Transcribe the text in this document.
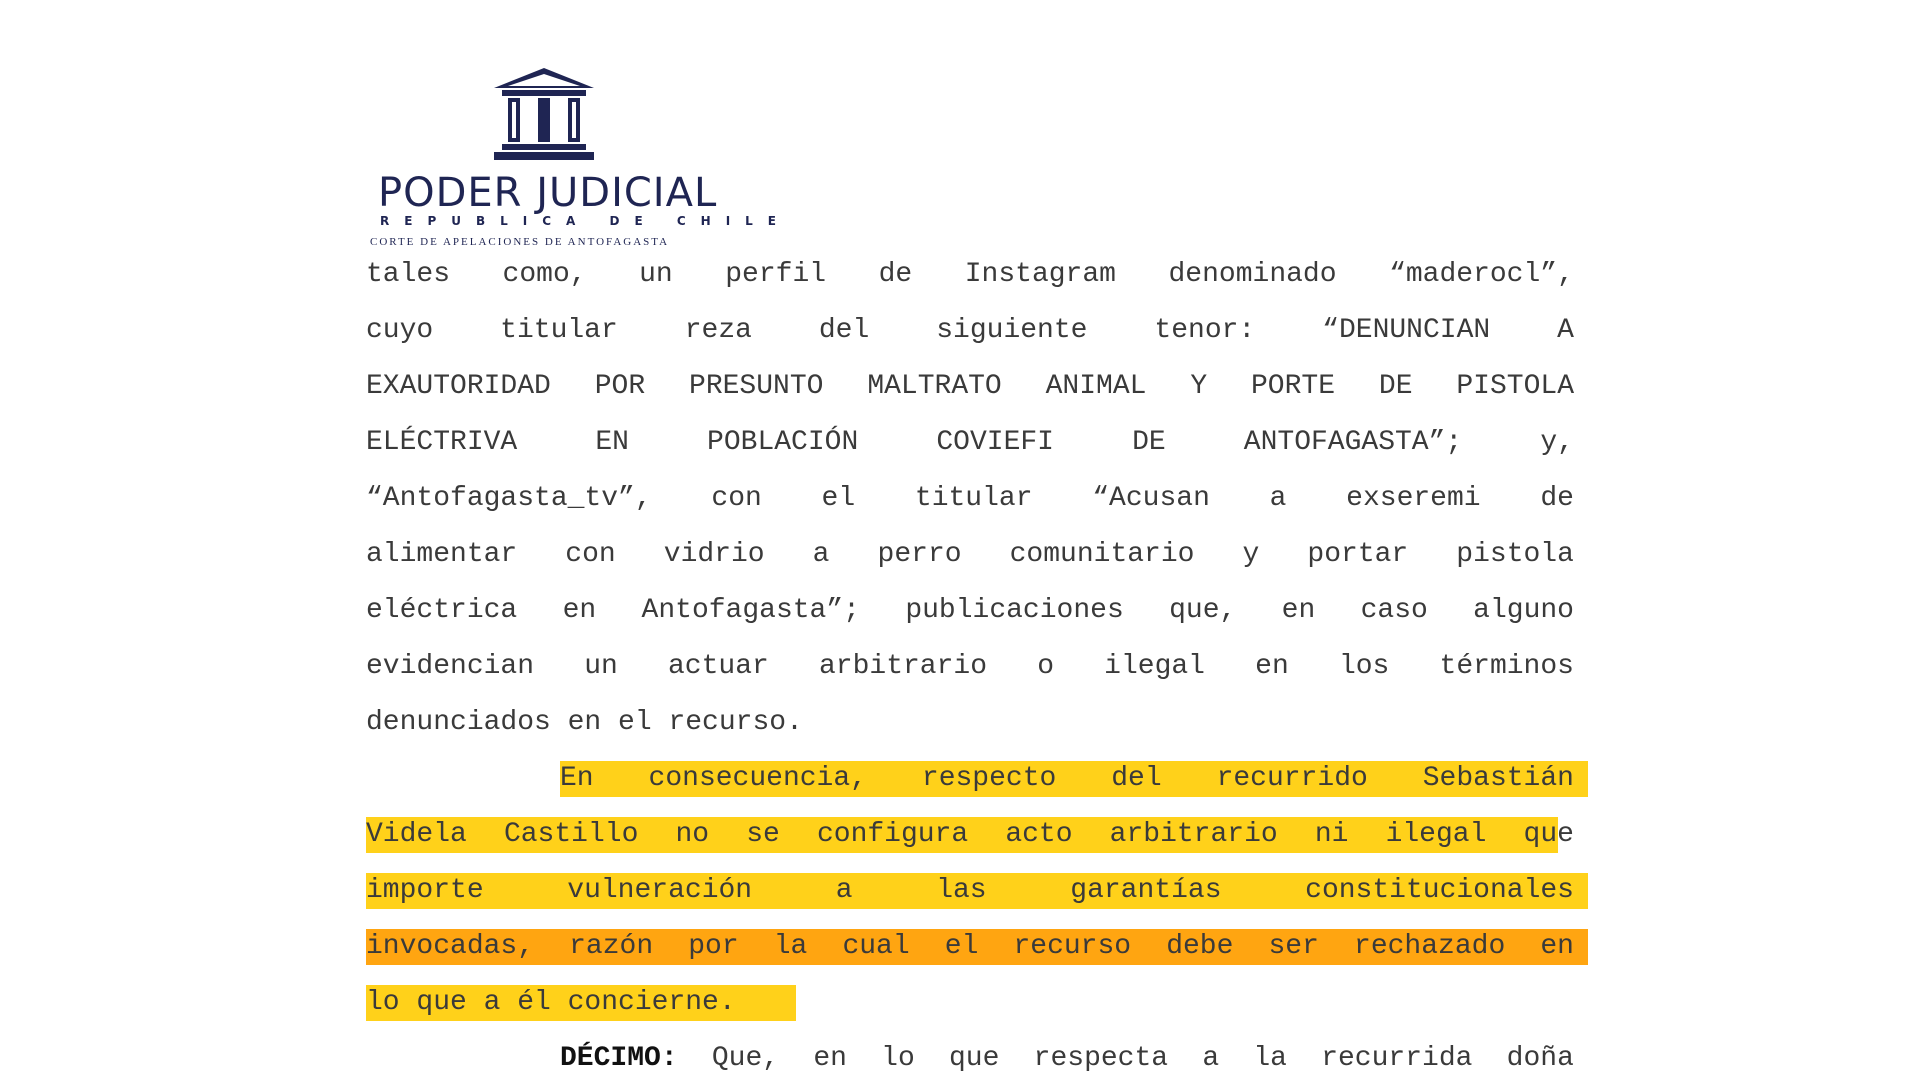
PODER JUDICIAL
REPUBLICA DE CHILE
CORTE DE APELACIONES DE ANTOFAGASTA
tales como, un perfil de Instagram denominado “maderocl”,
cuyo titular reza del siguiente tenor: “DENUNCIAN A
EXAUTORIDAD POR PRESUNTO MALTRATO ANIMAL Y PORTE DE PISTOLA
ELÉCTRIVA	EN	POBLACIÓN	COVIEFI	DE	ANTOFAGASTA”;	y,
“Antofagasta_tv”, con el titular “Acusan a exseremi de
alimentar con vidrio a perro comunitario y portar pistola
eléctrica en Antofagasta”; publicaciones que, en caso alguno
evidencian un actuar arbitrario o ilegal en los términos
denunciados en el recurso.
En consecuencia, respecto del recurrido Sebastián
Videla Castillo no se configura acto arbitrario ni ilegal que
importe	vulneración	a	las	garantías	constitucionales
invocadas, razón por la cual el recurso debe ser rechazado en
lo que a él concierne.
DÉCIMO: Que, en lo que respecta a la recurrida doña
